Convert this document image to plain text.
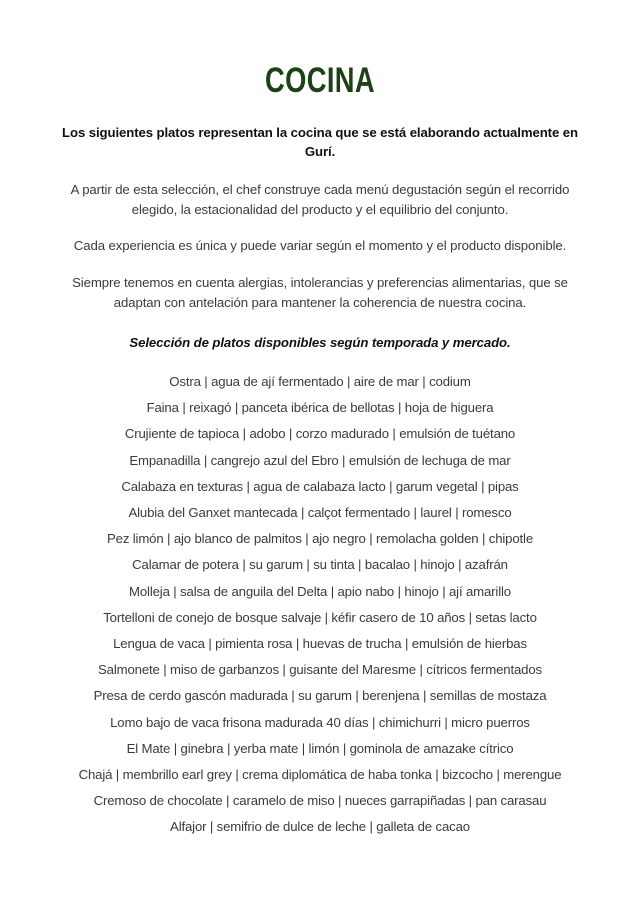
COCINA

Los siguientes platos representan la cocina que se está elaborando actualmente en Gurí.

A partir de esta selección, el chef construye cada menú degustación según el recorrido elegido, la estacionalidad del producto y el equilibrio del conjunto.

Cada experiencia es única y puede variar según el momento y el producto disponible.

Siempre tenemos en cuenta alergias, intolerancias y preferencias alimentarias, que se adaptan con antelación para mantener la coherencia de nuestra cocina.

Selección de platos disponibles según temporada y mercado.

Ostra | agua de ají fermentado | aire de mar | codium
Faina | reixagó | panceta ibérica de bellotas | hoja de higuera
Crujiente de tapioca | adobo | corzo madurado | emulsión de tuétano
Empanadilla | cangrejo azul del Ebro | emulsión de lechuga de mar
Calabaza en texturas | agua de calabaza lacto | garum vegetal | pipas
Alubia del Ganxet mantecada | calçot fermentado | laurel | romesco
Pez limón | ajo blanco de palmitos | ajo negro | remolacha golden | chipotle
Calamar de potera | su garum | su tinta | bacalao | hinojo | azafrán
Molleja | salsa de anguila del Delta | apio nabo | hinojo | ají amarillo
Tortelloni de conejo de bosque salvaje | kéfir casero de 10 años | setas lacto
Lengua de vaca | pimienta rosa | huevas de trucha | emulsión de hierbas
Salmonete | miso de garbanzos | guisante del Maresme | cítricos fermentados
Presa de cerdo gascón madurada | su garum | berenjena | semillas de mostaza
Lomo bajo de vaca frisona madurada 40 días | chimichurri | micro puerros
El Mate | ginebra | yerba mate | limón | gominola de amazake cítrico
Chajá | membrillo earl grey | crema diplomática de haba tonka | bizcocho | merengue
Cremoso de chocolate | caramelo de miso | nueces garrapiñadas | pan carasau
Alfajor | semifrio de dulce de leche | galleta de cacao
